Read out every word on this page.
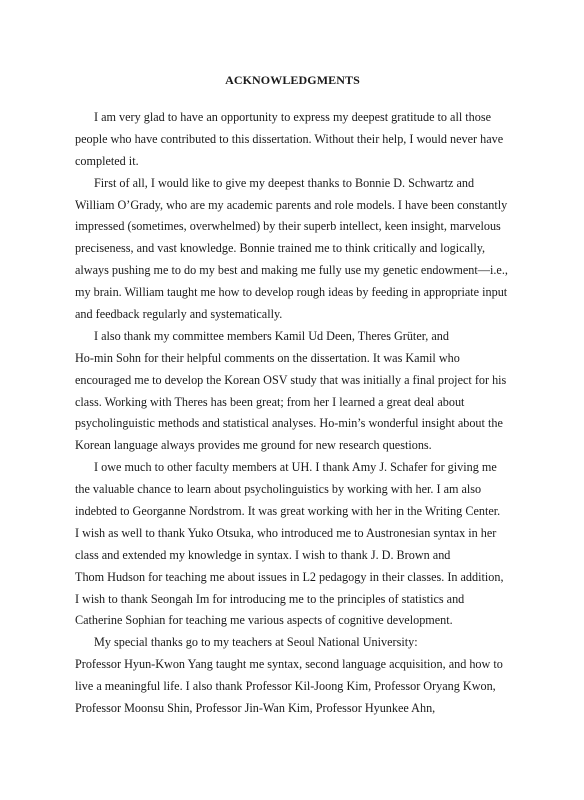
ACKNOWLEDGMENTS
I am very glad to have an opportunity to express my deepest gratitude to all those
people who have contributed to this dissertation. Without their help, I would never have
completed it.
First of all, I would like to give my deepest thanks to Bonnie D. Schwartz and
William O’Grady, who are my academic parents and role models. I have been constantly
impressed (sometimes, overwhelmed) by their superb intellect, keen insight, marvelous
preciseness, and vast knowledge. Bonnie trained me to think critically and logically,
always pushing me to do my best and making me fully use my genetic endowment—i.e.,
my brain. William taught me how to develop rough ideas by feeding in appropriate input
and feedback regularly and systematically.
I also thank my committee members Kamil Ud Deen, Theres Grüter, and
Ho-min Sohn for their helpful comments on the dissertation. It was Kamil who
encouraged me to develop the Korean OSV study that was initially a final project for his
class. Working with Theres has been great; from her I learned a great deal about
psycholinguistic methods and statistical analyses. Ho-min’s wonderful insight about the
Korean language always provides me ground for new research questions.
I owe much to other faculty members at UH. I thank Amy J. Schafer for giving me
the valuable chance to learn about psycholinguistics by working with her. I am also
indebted to Georganne Nordstrom. It was great working with her in the Writing Center.
I wish as well to thank Yuko Otsuka, who introduced me to Austronesian syntax in her
class and extended my knowledge in syntax. I wish to thank J. D. Brown and
Thom Hudson for teaching me about issues in L2 pedagogy in their classes. In addition,
I wish to thank Seongah Im for introducing me to the principles of statistics and
Catherine Sophian for teaching me various aspects of cognitive development.
My special thanks go to my teachers at Seoul National University:
Professor Hyun-Kwon Yang taught me syntax, second language acquisition, and how to
live a meaningful life. I also thank Professor Kil-Joong Kim, Professor Oryang Kwon,
Professor Moonsu Shin, Professor Jin-Wan Kim, Professor Hyunkee Ahn,
